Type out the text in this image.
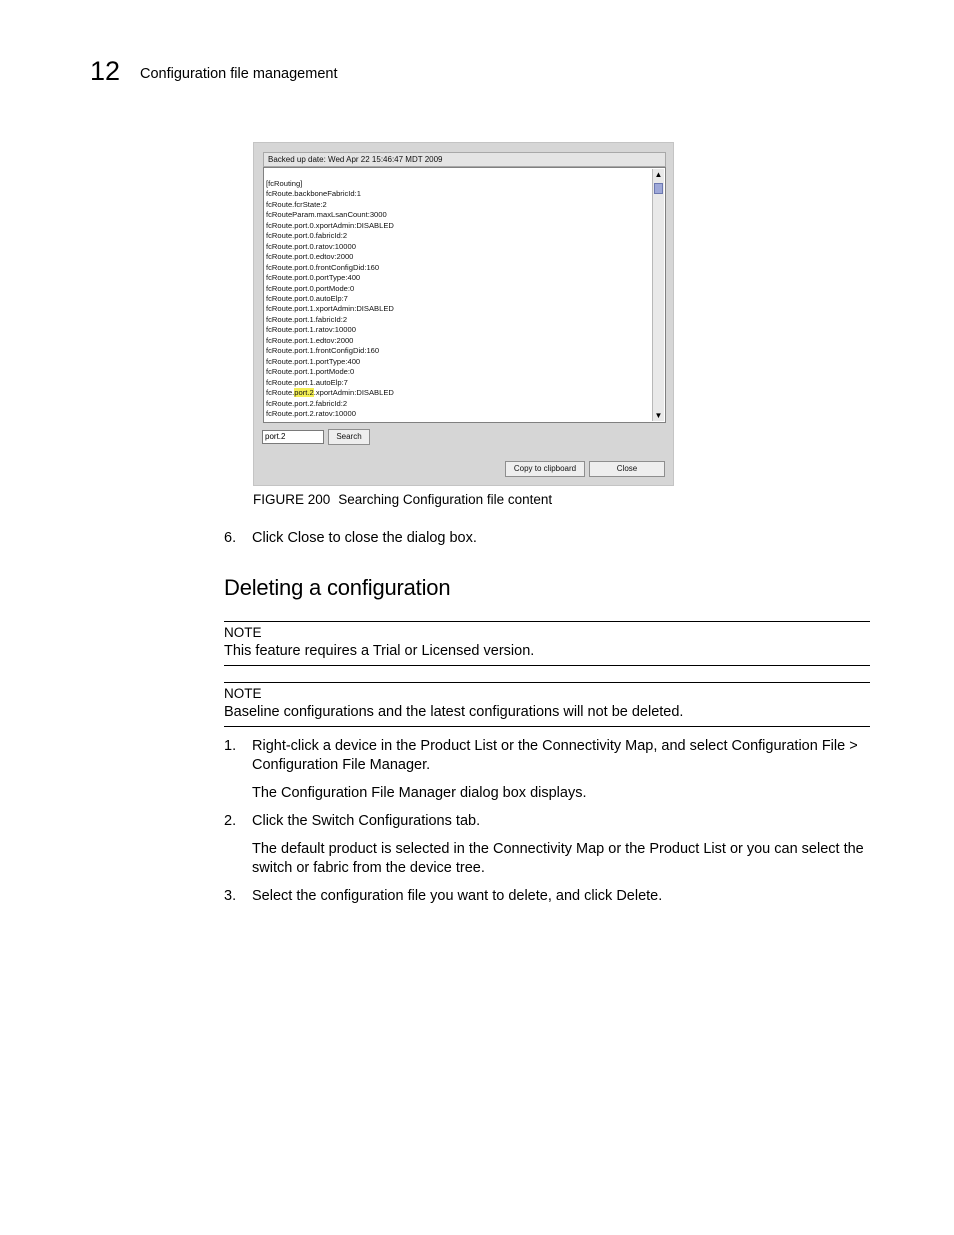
12 Configuration file management
Backed up date: Wed Apr 22 15:46:47 MDT 2009
[fcRouting]
fcRoute.backboneFabricId:1
fcRoute.fcrState:2
fcRouteParam.maxLsanCount:3000
fcRoute.port.0.xportAdmin:DISABLED
fcRoute.port.0.fabricId:2
fcRoute.port.0.ratov:10000
fcRoute.port.0.edtov:2000
fcRoute.port.0.frontConfigDid:160
fcRoute.port.0.portType:400
fcRoute.port.0.portMode:0
fcRoute.port.0.autoElp:7
fcRoute.port.1.xportAdmin:DISABLED
fcRoute.port.1.fabricId:2
fcRoute.port.1.ratov:10000
fcRoute.port.1.edtov:2000
fcRoute.port.1.frontConfigDid:160
fcRoute.port.1.portType:400
fcRoute.port.1.portMode:0
fcRoute.port.1.autoElp:7
fcRoute.port.2.xportAdmin:DISABLED
fcRoute.port.2.fabricId:2
fcRoute.port.2.ratov:10000
▲
▼
port.2	Search
Copy to clipboard	Close
FIGURE 200 Searching Configuration file content
6. Click Close to close the dialog box.
Deleting a configuration
NOTE
This feature requires a Trial or Licensed version.
NOTE
Baseline configurations and the latest configurations will not be deleted.
1. Right-click a device in the Product List or the Connectivity Map, and select Configuration File >
Configuration File Manager.
The Configuration File Manager dialog box displays.
2. Click the Switch Configurations tab.
The default product is selected in the Connectivity Map or the Product List or you can select the
switch or fabric from the device tree.
3. Select the configuration file you want to delete, and click Delete.
